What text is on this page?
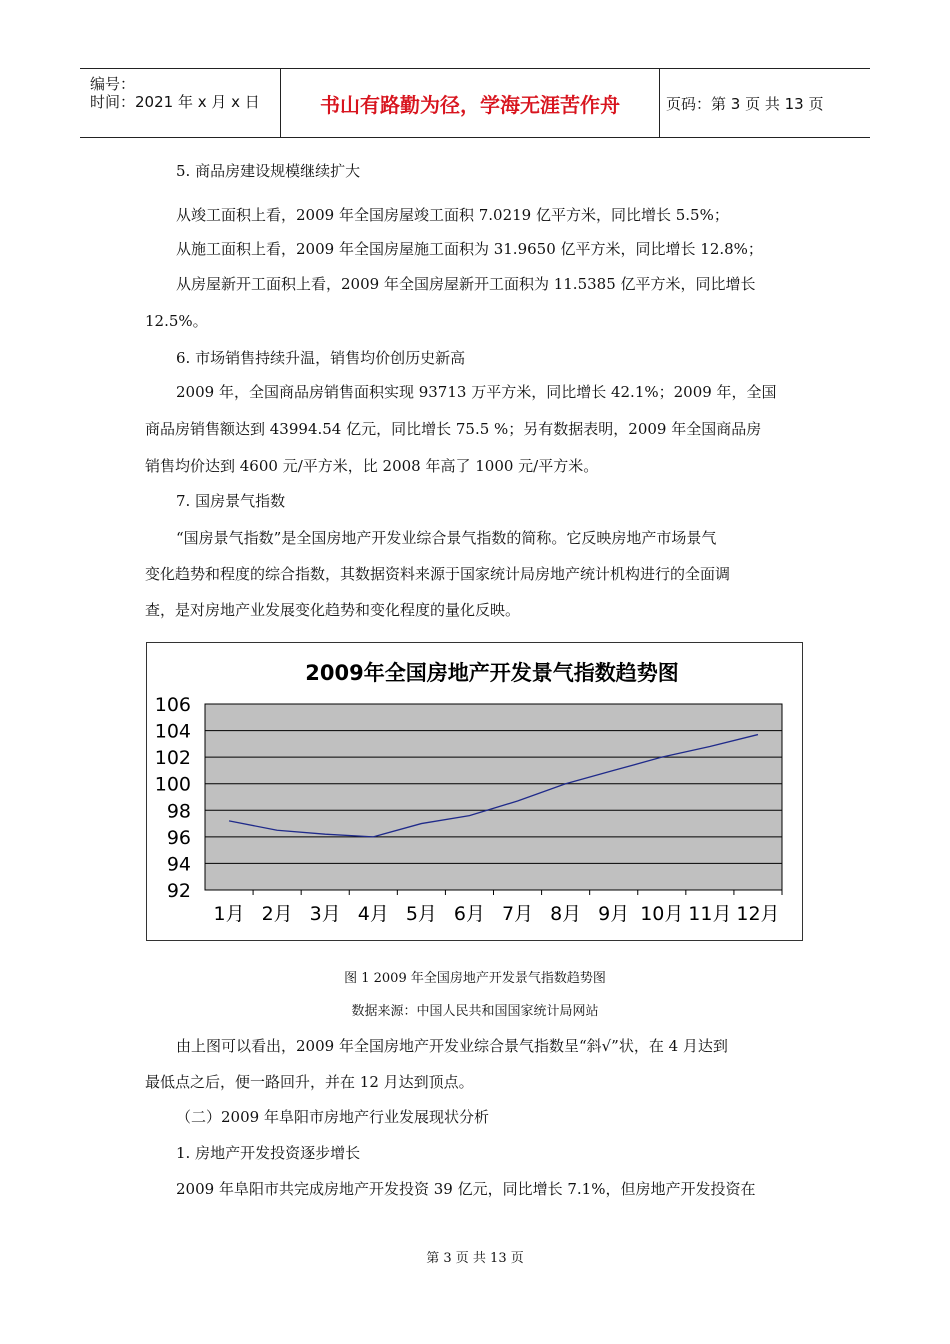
编号：
时间：2021 年 x 月 x 日	书山有路勤为径，学海无涯苦作舟	页码：第 3 页 共 13 页
5. 商品房建设规模继续扩大
从竣工面积上看，2009 年全国房屋竣工面积 7.0219 亿平方米，同比增长 5.5%；
从施工面积上看，2009 年全国房屋施工面积为 31.9650 亿平方米，同比增长 12.8%；
从房屋新开工面积上看，2009 年全国房屋新开工面积为 11.5385 亿平方米，同比增长
12.5%。
6. 市场销售持续升温，销售均价创历史新高
2009 年，全国商品房销售面积实现 93713 万平方米，同比增长 42.1%；2009 年，全国
商品房销售额达到 43994.54 亿元，同比增长 75.5 %；另有数据表明，2009 年全国商品房
销售均价达到 4600 元/平方米，比 2008 年高了 1000 元/平方米。
7. 国房景气指数
“国房景气指数”是全国房地产开发业综合景气指数的简称。它反映房地产市场景气
变化趋势和程度的综合指数，其数据资料来源于国家统计局房地产统计机构进行的全面调
查，是对房地产业发展变化趋势和变化程度的量化反映。
2009年全国房地产开发景气指数趋势图
92
94
96
98
100
102
104
106
1月 2月 3月 4月 5月 6月 7月 8月 9月 10月 11月 12月
图 1 2009 年全国房地产开发景气指数趋势图
数据来源：中国人民共和国国家统计局网站
由上图可以看出，2009 年全国房地产开发业综合景气指数呈“斜√”状，在 4 月达到
最低点之后，便一路回升，并在 12 月达到顶点。
（二）2009 年阜阳市房地产行业发展现状分析
1. 房地产开发投资逐步增长
2009 年阜阳市共完成房地产开发投资 39 亿元，同比增长 7.1%，但房地产开发投资在
第 3 页 共 13 页
